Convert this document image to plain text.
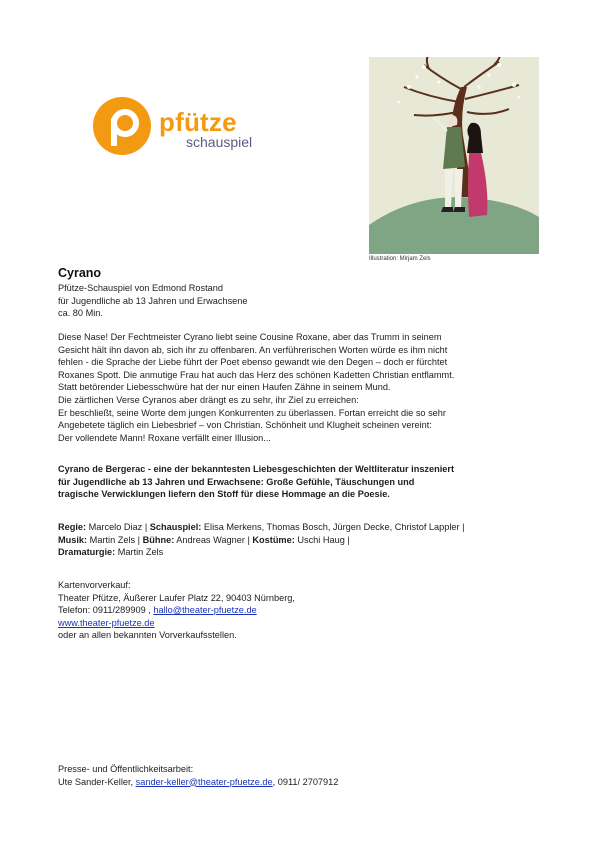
pfütze
schauspiel
Illustration: Mirjam Zels
Cyrano
Pfütze-Schauspiel von Edmond Rostand
für Jugendliche ab 13 Jahren und Erwachsene
ca. 80 Min.
Diese Nase! Der Fechtmeister Cyrano liebt seine Cousine Roxane, aber das Trumm in seinem
Gesicht hält ihn davon ab, sich ihr zu offenbaren. An verführerischen Worten würde es ihm nicht
fehlen - die Sprache der Liebe führt der Poet ebenso gewandt wie den Degen – doch er fürchtet
Roxanes Spott. Die anmutige Frau hat auch das Herz des schönen Kadetten Christian entflammt.
Statt betörender Liebesschwüre hat der nur einen Haufen Zähne in seinem Mund.
Die zärtlichen Verse Cyranos aber drängt es zu sehr, ihr Ziel zu erreichen:
Er beschließt, seine Worte dem jungen Konkurrenten zu überlassen. Fortan erreicht die so sehr
Angebetete täglich ein Liebesbrief – von Christian. Schönheit und Klugheit scheinen vereint:
Der vollendete Mann! Roxane verfällt einer Illusion...
Cyrano de Bergerac - eine der bekanntesten Liebesgeschichten der Weltliteratur inszeniert
für Jugendliche ab 13 Jahren und Erwachsene: Große Gefühle, Täuschungen und
tragische Verwicklungen liefern den Stoff für diese Hommage an die Poesie.
Regie: Marcelo Diaz | Schauspiel: Elisa Merkens, Thomas Bosch, Jürgen Decke, Christof Lappler |
Musik: Martin Zels | Bühne: Andreas Wagner | Kostüme: Uschi Haug |
Dramaturgie: Martin Zels
Kartenvorverkauf:
Theater Pfütze, Äußerer Laufer Platz 22, 90403 Nürnberg,
Telefon: 0911/289909 , hallo@theater-pfuetze.de
www.theater-pfuetze.de
oder an allen bekannten Vorverkaufsstellen.
Presse- und Öffentlichkeitsarbeit:
Ute Sander-Keller, sander-keller@theater-pfuetze.de, 0911/ 2707912
